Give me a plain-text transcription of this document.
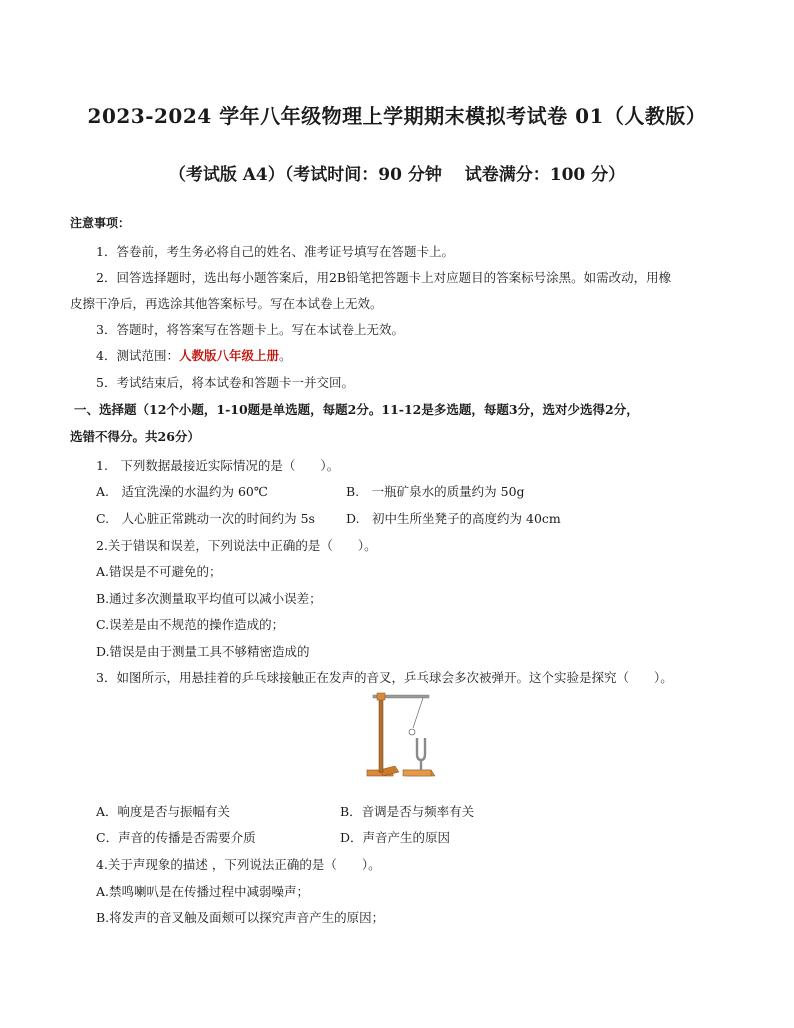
2023-2024 学年八年级物理上学期期末模拟考试卷 01（人教版）
（考试版 A4）（考试时间：90 分钟　 试卷满分：100 分）
注意事项：
1．答卷前，考生务必将自己的姓名、准考证号填写在答题卡上。
2．回答选择题时，选出每小题答案后，用2B铅笔把答题卡上对应题目的答案标号涂黑。如需改动，用橡
皮擦干净后，再选涂其他答案标号。写在本试卷上无效。
3．答题时，将答案写在答题卡上。写在本试卷上无效。
4．测试范围：人教版八年级上册。
5．考试结束后，将本试卷和答题卡一并交回。
一、选择题（12个小题，1-10题是单选题，每题2分。11-12是多选题，每题3分，选对少选得2分，
选错不得分。共26分）
1.　下列数据最接近实际情况的是（　　）。
A.　适宜洗澡的水温约为 60℃	B.　一瓶矿泉水的质量约为 50g
C.　人心脏正常跳动一次的时间约为 5s D.　初中生所坐凳子的高度约为 40cm
2.关于错误和误差，下列说法中正确的是（　　）。
A.错误是不可避免的；
B.通过多次测量取平均值可以减小误差；
C.误差是由不规范的操作造成的；
D.错误是由于测量工具不够精密造成的
3．如图所示，用悬挂着的乒乓球接触正在发声的音叉，乒乓球会多次被弹开。这个实验是探究（　　）。
A．响度是否与振幅有关	B．音调是否与频率有关
C．声音的传播是否需要介质	D．声音产生的原因
4.关于声现象的描述 ，下列说法正确的是（　　）。
A.禁鸣喇叭是在传播过程中减弱噪声；
B.将发声的音叉触及面颊可以探究声音产生的原因；
